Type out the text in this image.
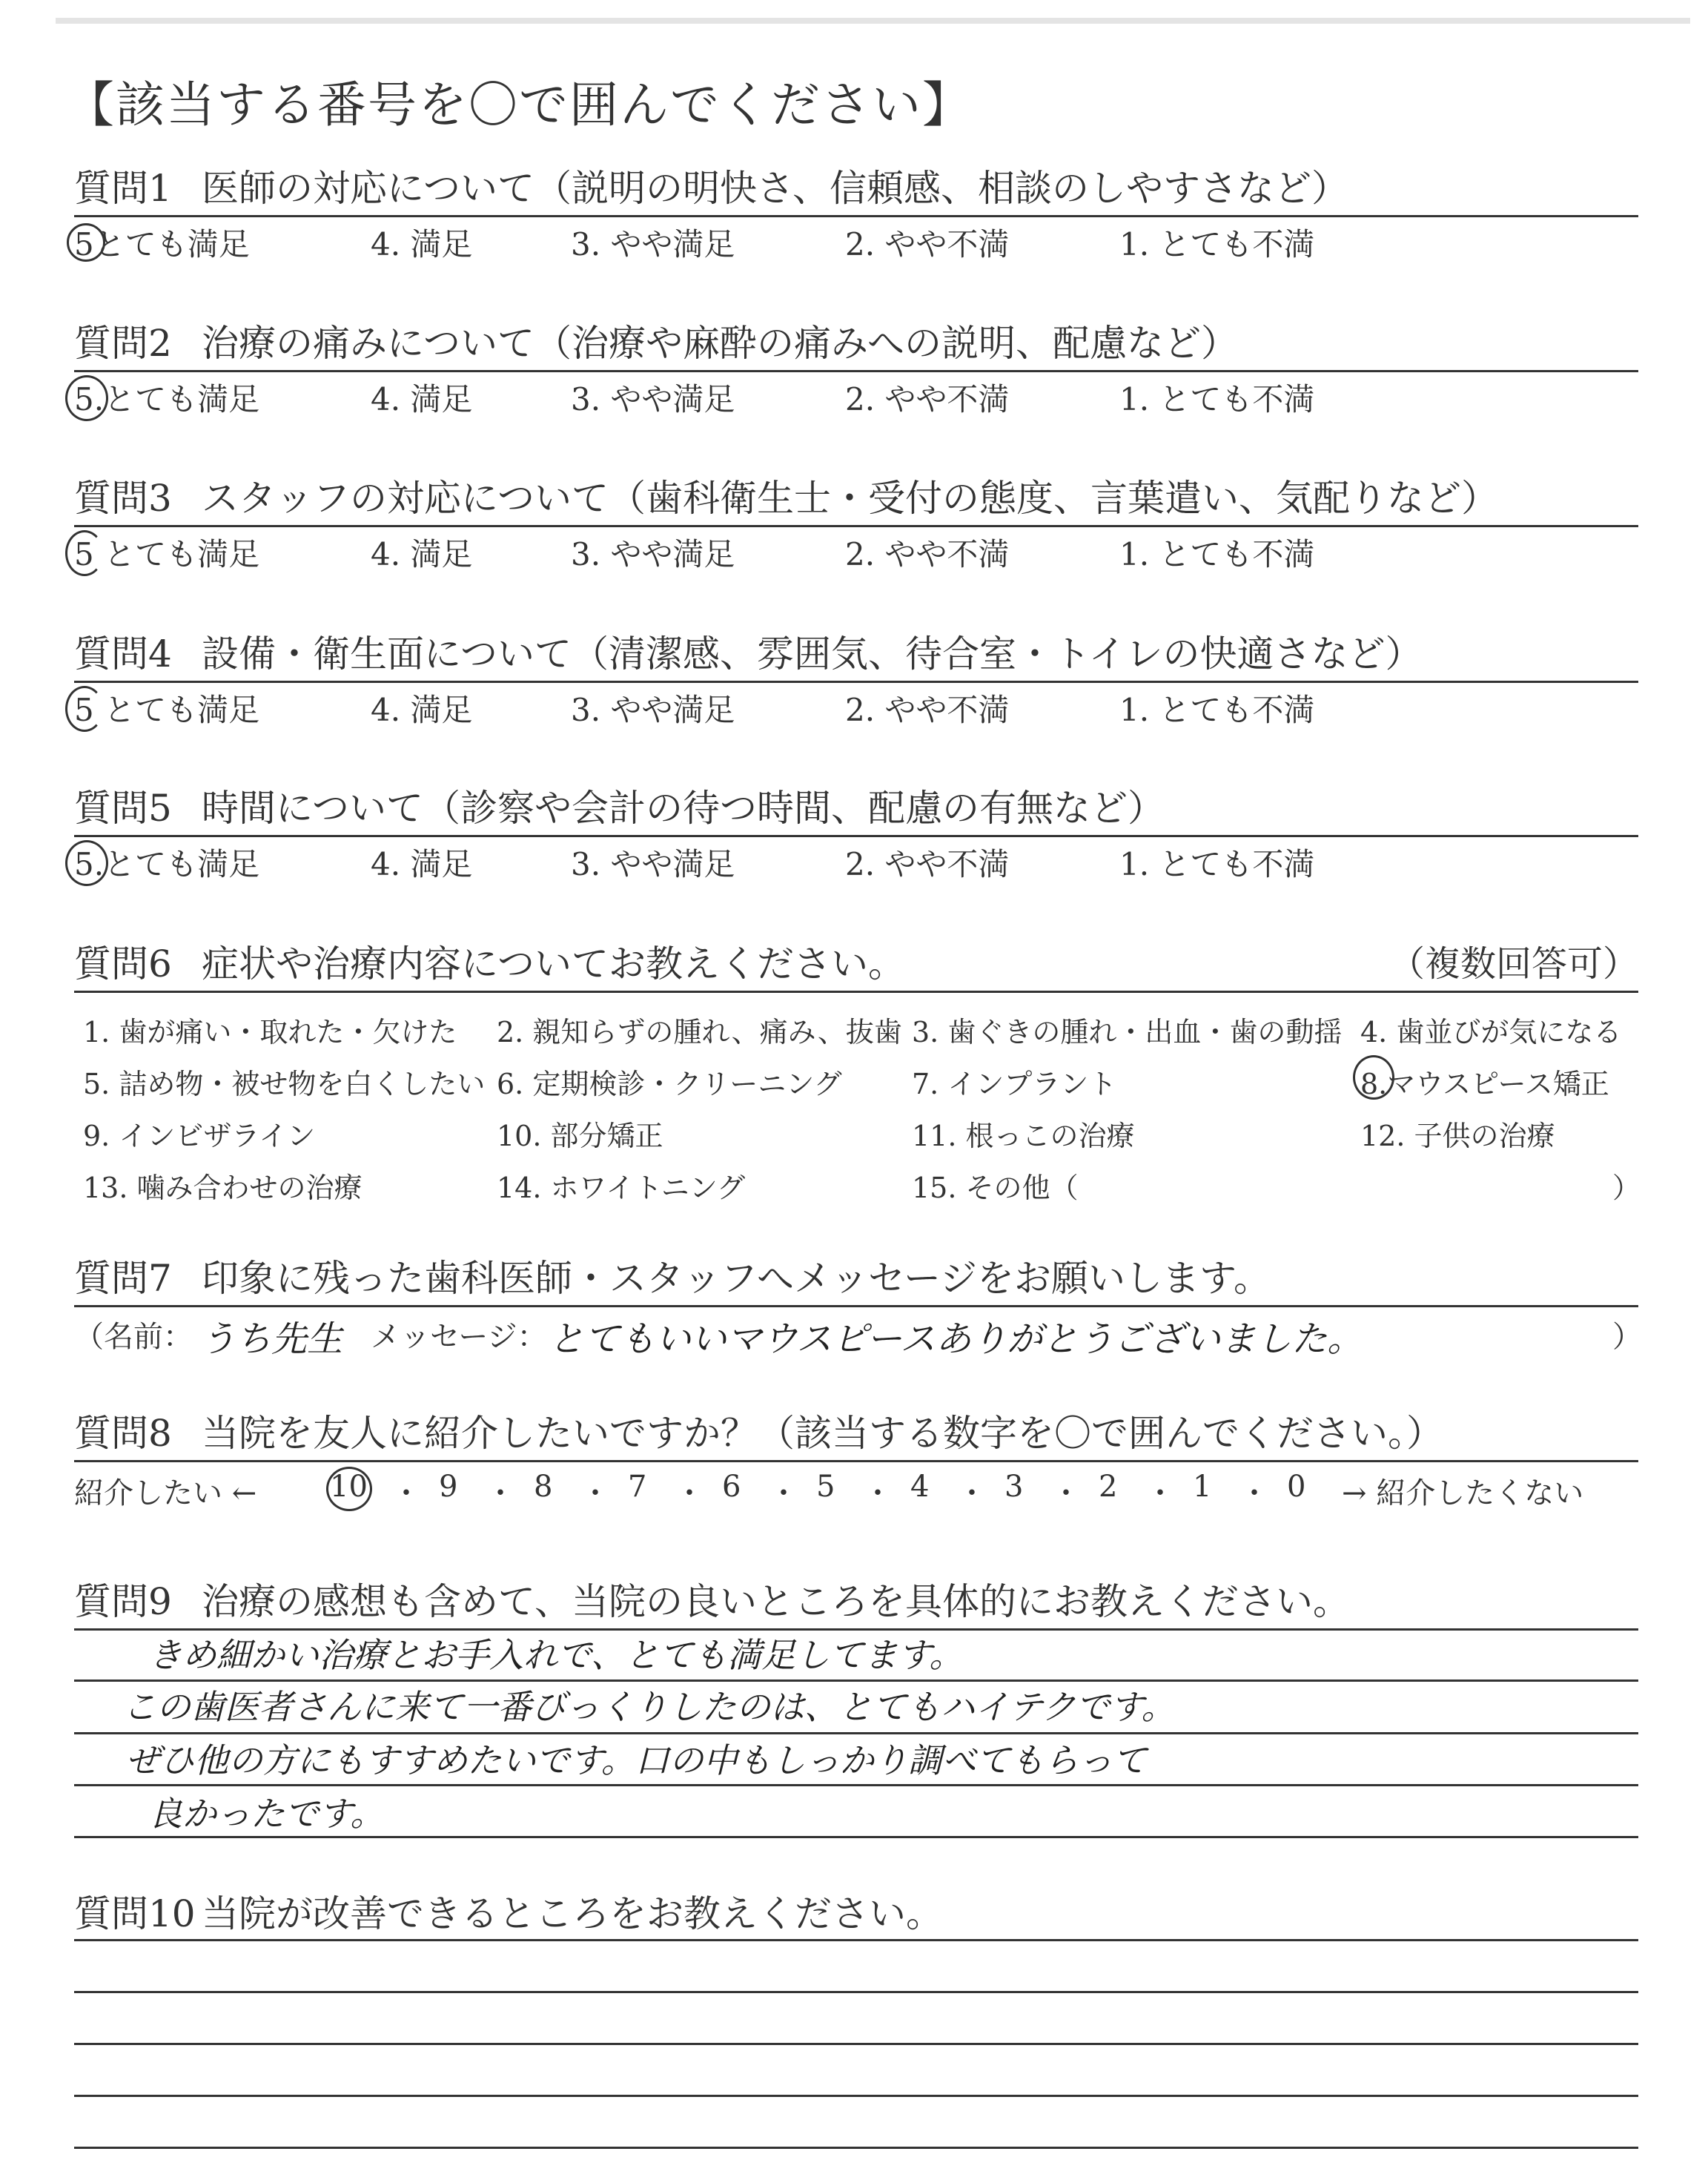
【該当する番号を〇で囲んでください】
質問1 医師の対応について（説明の明快さ、信頼感、相談のしやすさなど）
5とても満足	4. 満足	3. やや満足	2. やや不満	1. とても不満
質問2 治療の痛みについて（治療や麻酔の痛みへの説明、配慮など）
5.とても満足	4. 満足	3. やや満足	2. やや不満	1. とても不満
質問3 スタッフの対応について（歯科衛生士・受付の態度、言葉遣い、気配りなど）
5 とても満足	4. 満足	3. やや満足	2. やや不満	1. とても不満
質問4 設備・衛生面について（清潔感、雰囲気、待合室・トイレの快適さなど）
5 とても満足	4. 満足	3. やや満足	2. やや不満	1. とても不満
質問5 時間について（診察や会計の待つ時間、配慮の有無など）
5.とても満足	4. 満足	3. やや満足	2. やや不満	1. とても不満
質問6 症状や治療内容についてお教えください。	（複数回答可）
1. 歯が痛い・取れた・欠けた 2. 親知らずの腫れ、痛み、抜歯 3. 歯ぐきの腫れ・出血・歯の動揺 4. 歯並びが気になる
5. 詰め物・被せ物を白くしたい 6. 定期検診・クリーニング 7. インプラント	8.マウスピース矯正
9. インビザライン	10. 部分矯正	11. 根っこの治療	12. 子供の治療
13. 噛み合わせの治療	14. ホワイトニング	15. その他（	）
質問7 印象に残った歯科医師・スタッフへメッセージをお願いします。
（名前： うち先生 メッセージ： とてもいいマウスピースありがとうございました。	）
質問8 当院を友人に紹介したいですか？（該当する数字を〇で囲んでください。）
紹介したい ← 10 ・ 9 ・ 8 ・ 7 ・ 6 ・ 5 ・ 4 ・ 3 ・ 2 ・ 1 ・ 0 → 紹介したくない
質問9 治療の感想も含めて、当院の良いところを具体的にお教えください。
きめ細かい治療とお手入れで、とても満足してます。
この歯医者さんに来て一番びっくりしたのは、とてもハイテクです。
ぜひ他の方にもすすめたいです。口の中もしっかり調べてもらって
良かったです。
質問10 当院が改善できるところをお教えください。
